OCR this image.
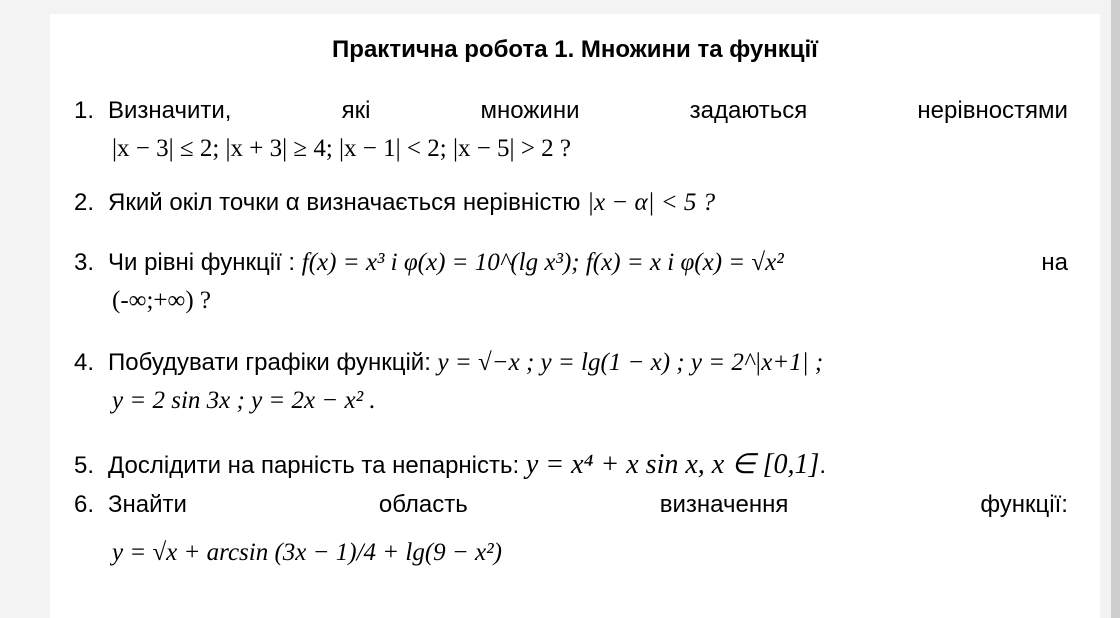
Практична робота 1. Множини та функції
1. Визначити,	які	множини	задаються	нерівностями
|x − 3| ≤ 2; |x + 3| ≥ 4; |x − 1| < 2; |x − 5| > 2 ?
2. Який окіл точки α визначається нерівністю |x − α| < 5 ?
3. Чи рівні функції : f(x) = x³ i φ(x) = 10^(lg x³); f(x) = x i φ(x) = √x²	на
(-∞;+∞) ?
4. Побудувати графіки функцій: y = √−x ; y = lg(1 − x) ; y = 2^|x+1| ;
y = 2 sin 3x ; y = 2x − x² .
5. Дослідити на парність та непарність: y = x⁴ + x sin x, x ∈ [0,1].
6. Знайти	область	визначення	функції:
y = √x + arcsin (3x − 1)/4 + lg(9 − x²)
